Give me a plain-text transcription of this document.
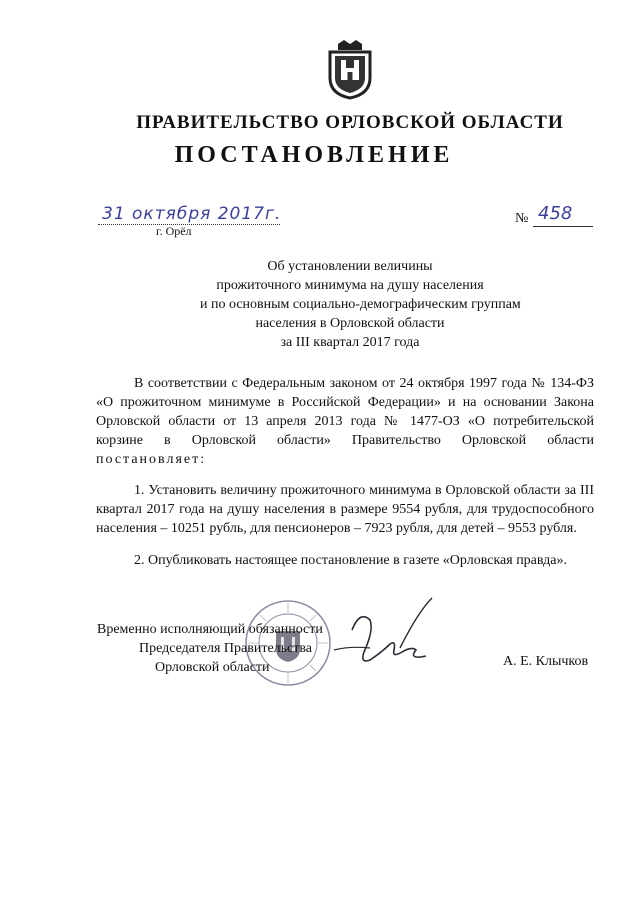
ПРАВИТЕЛЬСТВО ОРЛОВСКОЙ ОБЛАСТИ
ПОСТАНОВЛЕНИЕ
31 октября 2017г.
г. Орёл
№ 458
Об установлении величины
прожиточного минимума на душу населения
и по основным социально-демографическим группам
населения в Орловской области
за III квартал 2017 года
В соответствии с Федеральным законом от 24 октября 1997 года № 134-ФЗ «О прожиточном минимуме в Российской Федерации» и на основании Закона Орловской области от 13 апреля 2013 года № 1477-ОЗ «О потребительской корзине в Орловской области» Правительство Орловской области постановляет:
1. Установить величину прожиточного минимума в Орловской области за III квартал 2017 года на душу населения в размере 9554 рубля, для трудоспособного населения – 10251 рубль, для пенсионеров – 7923 рубля, для детей – 9553 рубля.
2. Опубликовать настоящее постановление в газете «Орловская правда».
Временно исполняющий обязанности
Председателя Правительства
Орловской области	А. Е. Клычков
